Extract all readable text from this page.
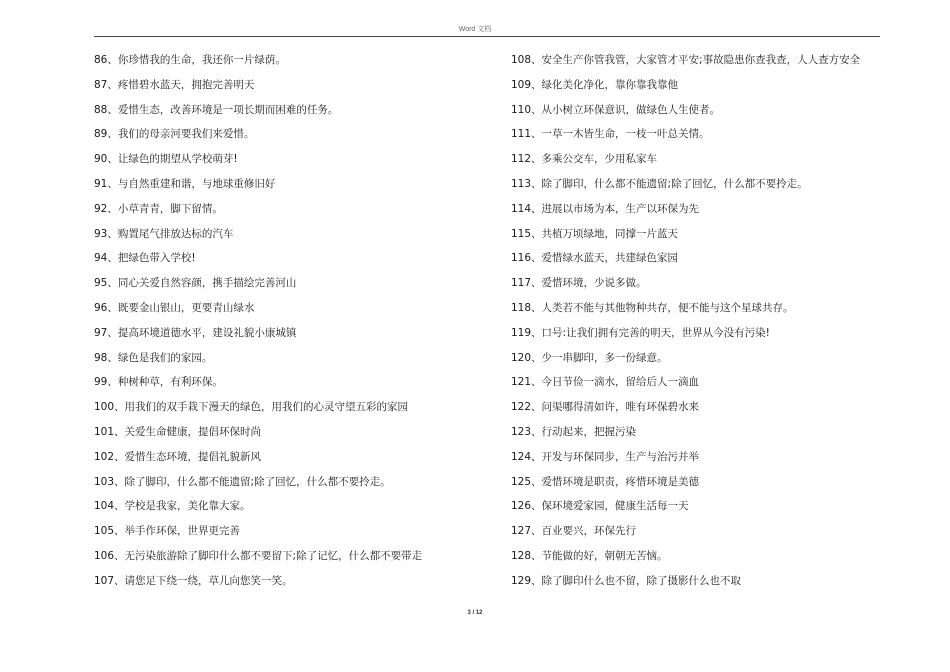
Word 文档
86、你珍惜我的生命，我还你一片绿荫。
87、疼惜碧水蓝天，拥抱完善明天
88、爱惜生态，改善环境是一项长期而困难的任务。
89、我们的母亲河要我们来爱惜。
90、让绿色的期望从学校萌芽!
91、与自然重建和谐，与地球重修旧好
92、小草青青，脚下留情。
93、购置尾气排放达标的汽车
94、把绿色带入学校!
95、同心关爱自然容颜，携手描绘完善河山
96、既要金山银山，更要青山绿水
97、提高环境道德水平，建设礼貌小康城镇
98、绿色是我们的家园。
99、种树种草，有利环保。
100、用我们的双手栽下漫天的绿色，用我们的心灵守望五彩的家园
101、关爱生命健康，提倡环保时尚
102、爱惜生态环境，提倡礼貌新风
103、除了脚印，什么都不能遗留;除了回忆，什么都不要拎走。
104、学校是我家，美化靠大家。
105、举手作环保，世界更完善
106、无污染旅游除了脚印什么都不要留下;除了记忆，什么都不要带走
107、请您足下绕一绕，草儿向您笑一笑。
108、安全生产你管我管，大家管才平安;事故隐患你查我查，人人查方安全
109、绿化美化净化，靠你靠我靠他
110、从小树立环保意识，做绿色人生使者。
111、一草一木皆生命，一枝一叶总关情。
112、多乘公交车，少用私家车
113、除了脚印，什么都不能遗留;除了回忆，什么都不要拎走。
114、进展以市场为本，生产以环保为先
115、共植万顷绿地，同撑一片蓝天
116、爱惜绿水蓝天，共建绿色家园
117、爱惜环境，少说多做。
118、人类若不能与其他物种共存，便不能与这个星球共存。
119、口号:让我们拥有完善的明天，世界从今没有污染!
120、少一串脚印，多一份绿意。
121、今日节俭一滴水，留给后人一滴血
122、问渠哪得清如许，唯有环保碧水来
123、行动起来，把握污染
124、开发与环保同步，生产与治污并举
125、爱惜环境是职责，疼惜环境是美德
126、保环境爱家园，健康生活每一天
127、百业要兴，环保先行
128、节能做的好，朝朝无苦恼。
129、除了脚印什么也不留，除了摄影什么也不取
3 / 12
